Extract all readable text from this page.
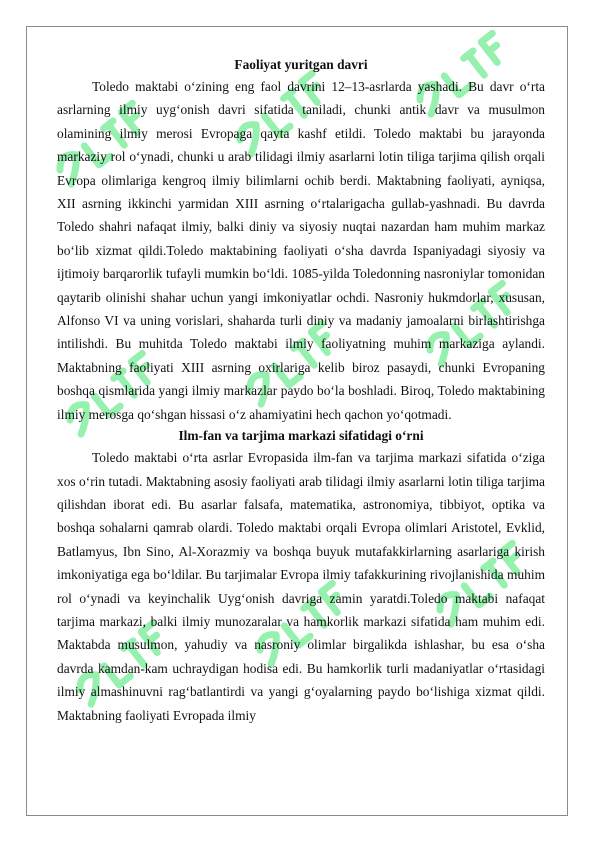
Faoliyat yuritgan davri

Toledo maktabi o‘zining eng faol davrini 12–13-asrlarda yashadi. Bu davr o‘rta asrlarning ilmiy uyg‘onish davri sifatida taniladi, chunki antik davr va musulmon olamining ilmiy merosi Evropaga qayta kashf etildi. Toledo maktabi bu jarayonda markaziy rol o‘ynadi, chunki u arab tilidagi ilmiy asarlarni lotin tiliga tarjima qilish orqali Evropa olimlariga kengroq ilmiy bilimlarni ochib berdi. Maktabning faoliyati, ayniqsa, XII asrning ikkinchi yarmidan XIII asrning o‘rtalarigacha gullab-yashnadi. Bu davrda Toledo shahri nafaqat ilmiy, balki diniy va siyosiy nuqtai nazardan ham muhim markaz bo‘lib xizmat qildi.Toledo maktabining faoliyati o‘sha davrda Ispaniyadagi siyosiy va ijtimoiy barqarorlik tufayli mumkin bo‘ldi. 1085-yilda Toledonning nasroniylar tomonidan qaytarib olinishi shahar uchun yangi imkoniyatlar ochdi. Nasroniy hukmdorlar, xususan, Alfonso VI va uning vorislari, shaharda turli diniy va madaniy jamoalarni birlashtirishga intilishdi. Bu muhitda Toledo maktabi ilmiy faoliyatning muhim markaziga aylandi. Maktabning faoliyati XIII asrning oxirlariga kelib biroz pasaydi, chunki Evropaning boshqa qismlarida yangi ilmiy markazlar paydo bo‘la boshladi. Biroq, Toledo maktabining ilmiy merosga qo‘shgan hissasi o‘z ahamiyatini hech qachon yo‘qotmadi.

Ilm-fan va tarjima markazi sifatidagi o‘rni

Toledo maktabi o‘rta asrlar Evropasida ilm-fan va tarjima markazi sifatida o‘ziga xos o‘rin tutadi. Maktabning asosiy faoliyati arab tilidagi ilmiy asarlarni lotin tiliga tarjima qilishdan iborat edi. Bu asarlar falsafa, matematika, astronomiya, tibbiyot, optika va boshqa sohalarni qamrab olardi. Toledo maktabi orqali Evropa olimlari Aristotel, Evklid, Batlamyus, Ibn Sino, Al-Xorazmiy va boshqa buyuk mutafakkirlarning asarlariga kirish imkoniyatiga ega bo‘ldilar. Bu tarjimalar Evropa ilmiy tafakkurining rivojlanishida muhim rol o‘ynadi va keyinchalik Uyg‘onish davriga zamin yaratdi.Toledo maktabi nafaqat tarjima markazi, balki ilmiy munozaralar va hamkorlik markazi sifatida ham muhim edi. Maktabda musulmon, yahudiy va nasroniy olimlar birgalikda ishlashar, bu esa o‘sha davrda kamdan-kam uchraydigan hodisa edi. Bu hamkorlik turli madaniyatlar o‘rtasidagi ilmiy almashinuvni rag‘batlantirdi va yangi g‘oyalarning paydo bo‘lishiga xizmat qildi. Maktabning faoliyati Evropada ilmiy
